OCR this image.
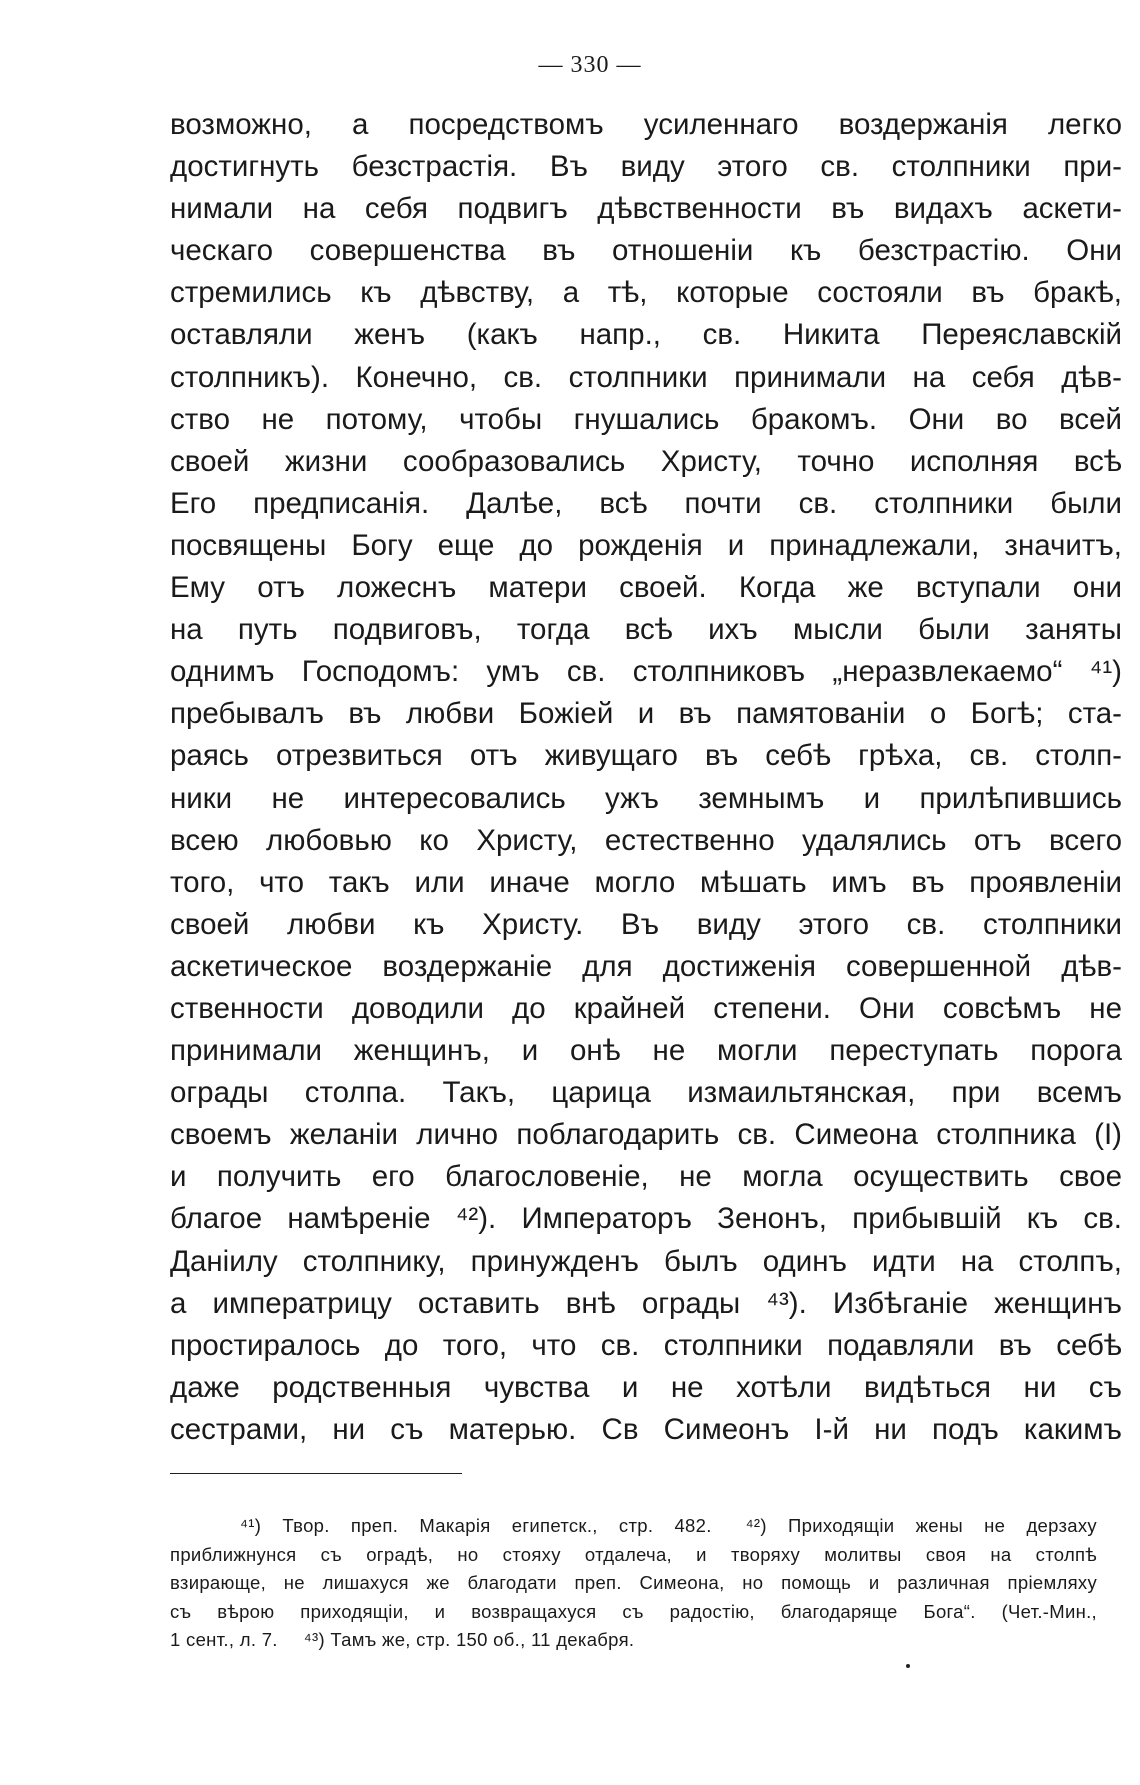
— 330 —
возможно, а посредствомъ усиленнаго воздержанія легко
достигнуть безстрастія. Въ виду этого св. столпники при-
нимали на себя подвигъ дѣвственности въ видахъ аскети-
ческаго совершенства въ отношеніи къ безстрастію. Они
стремились къ дѣвству, а тѣ, которые состояли въ бракѣ,
оставляли женъ (какъ напр., св. Никита Переяславскій
столпникъ). Конечно, св. столпники принимали на себя дѣв-
ство не потому, чтобы гнушались бракомъ. Они во всей
своей жизни сообразовались Христу, точно исполняя всѣ
Его предписанія. Далѣе, всѣ почти св. столпники были
посвящены Богу еще до рожденія и принадлежали, значитъ,
Ему отъ ложеснъ матери своей. Когда же вступали они
на путь подвиговъ, тогда всѣ ихъ мысли были заняты
однимъ Господомъ: умъ св. столпниковъ „неразвлекаемо“ ⁴¹)
пребывалъ въ любви Божіей и въ памятованіи о Богѣ; ста-
раясь отрезвиться отъ живущаго въ себѣ грѣха, св. столп-
ники не интересовались ужъ земнымъ и прилѣпившись
всею любовью ко Христу, естественно удалялись отъ всего
того, что такъ или иначе могло мѣшать имъ въ проявленіи
своей любви къ Христу. Въ виду этого св. столпники
аскетическое воздержаніе для достиженія совершенной дѣв-
ственности доводили до крайней степени. Они совсѣмъ не
принимали женщинъ, и онѣ не могли переступать порога
ограды столпа. Такъ, царица измаильтянская, при всемъ
своемъ желаніи лично поблагодарить св. Симеона столпника (I)
и получить его благословеніе, не могла осуществить свое
благое намѣреніе ⁴²). Императоръ Зенонъ, прибывшій къ св.
Даніилу столпнику, принужденъ былъ одинъ идти на столпъ,
а императрицу оставить внѣ ограды ⁴³). Избѣганіе женщинъ
простиралось до того, что св. столпники подавляли въ себѣ
даже родственныя чувства и не хотѣли видѣться ни съ
сестрами, ни съ матерью. Св Симеонъ I-й ни подъ какимъ
⁴¹) Твор. преп. Макарія египетск., стр. 482. ⁴²) Приходящіи жены не дерзаху
приближнунся съ оградѣ, но стояху отдалеча, и творяху молитвы своя на столпѣ
взирающе, не лишахуся же благодати преп. Симеона, но помощь и различная пріемляху
съ вѣрою приходящіи, и возвращахуся съ радостію, благодаряще Бога“. (Чет.-Мин.,
1 сент., л. 7. ⁴³) Тамъ же, стр. 150 об., 11 декабря.
